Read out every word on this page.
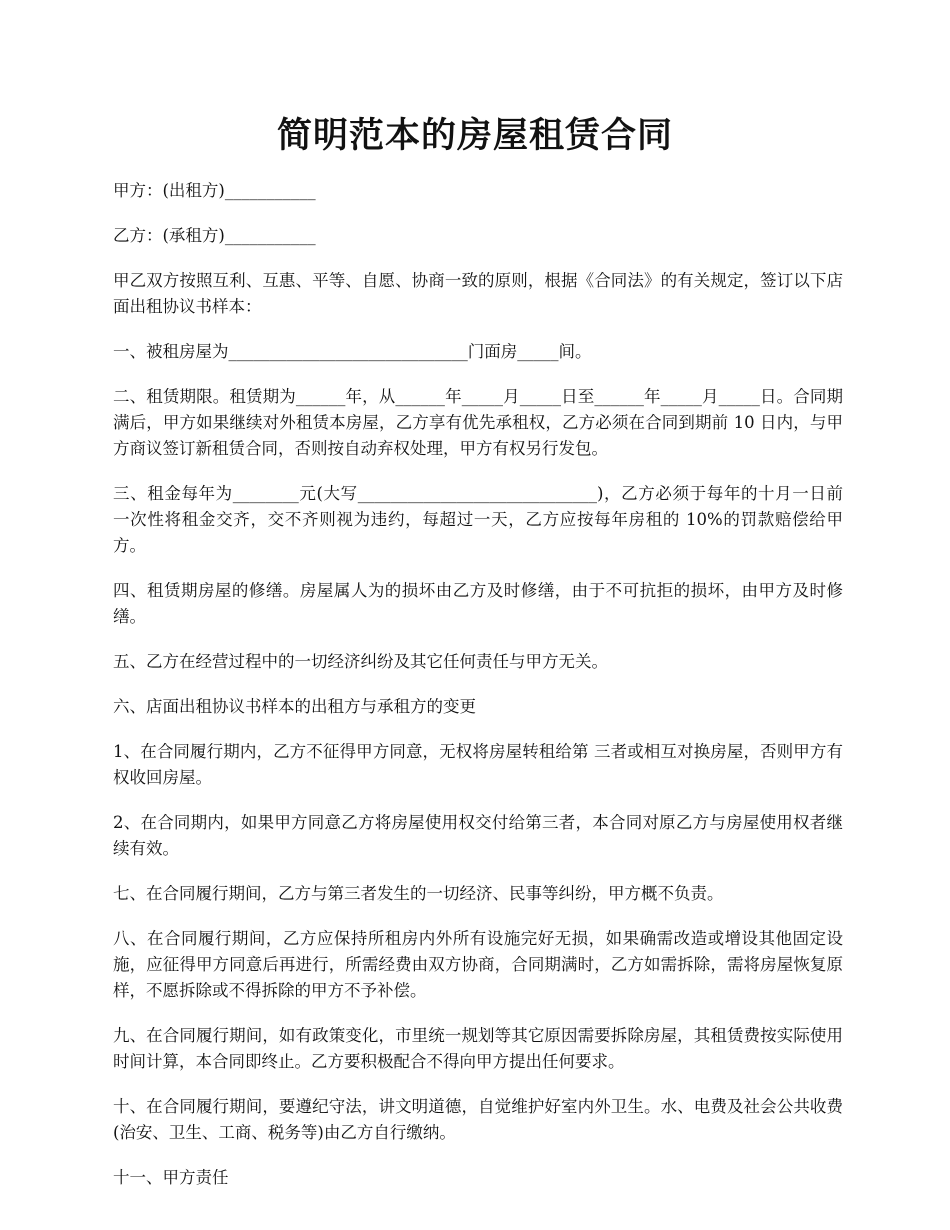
简明范本的房屋租赁合同

甲方：(出租方)___________

乙方：(承租方)___________

甲乙双方按照互利、互惠、平等、自愿、协商一致的原则，根据《合同法》的有关规定，签订以下店面出租协议书样本：

一、被租房屋为_____________________________门面房_____间。

二、租赁期限。租赁期为______年，从______年_____月_____日至______年_____月_____日。合同期满后，甲方如果继续对外租赁本房屋，乙方享有优先承租权，乙方必须在合同到期前 10 日内，与甲方商议签订新租赁合同，否则按自动弃权处理，甲方有权另行发包。

三、租金每年为________元(大写_____________________________)，乙方必须于每年的十月一日前一次性将租金交齐，交不齐则视为违约，每超过一天，乙方应按每年房租的 10%的罚款赔偿给甲方。

四、租赁期房屋的修缮。房屋属人为的损坏由乙方及时修缮，由于不可抗拒的损坏，由甲方及时修缮。

五、乙方在经营过程中的一切经济纠纷及其它任何责任与甲方无关。

六、店面出租协议书样本的出租方与承租方的变更

1、在合同履行期内，乙方不征得甲方同意，无权将房屋转租给第 三者或相互对换房屋，否则甲方有权收回房屋。

2、在合同期内，如果甲方同意乙方将房屋使用权交付给第三者，本合同对原乙方与房屋使用权者继续有效。

七、在合同履行期间，乙方与第三者发生的一切经济、民事等纠纷，甲方概不负责。

八、在合同履行期间，乙方应保持所租房内外所有设施完好无损，如果确需改造或增设其他固定设施，应征得甲方同意后再进行，所需经费由双方协商，合同期满时，乙方如需拆除，需将房屋恢复原样，不愿拆除或不得拆除的甲方不予补偿。

九、在合同履行期间，如有政策变化，市里统一规划等其它原因需要拆除房屋，其租赁费按实际使用时间计算，本合同即终止。乙方要积极配合不得向甲方提出任何要求。

十、在合同履行期间，要遵纪守法，讲文明道德，自觉维护好室内外卫生。水、电费及社会公共收费(治安、卫生、工商、税务等)由乙方自行缴纳。

十一、甲方责任
